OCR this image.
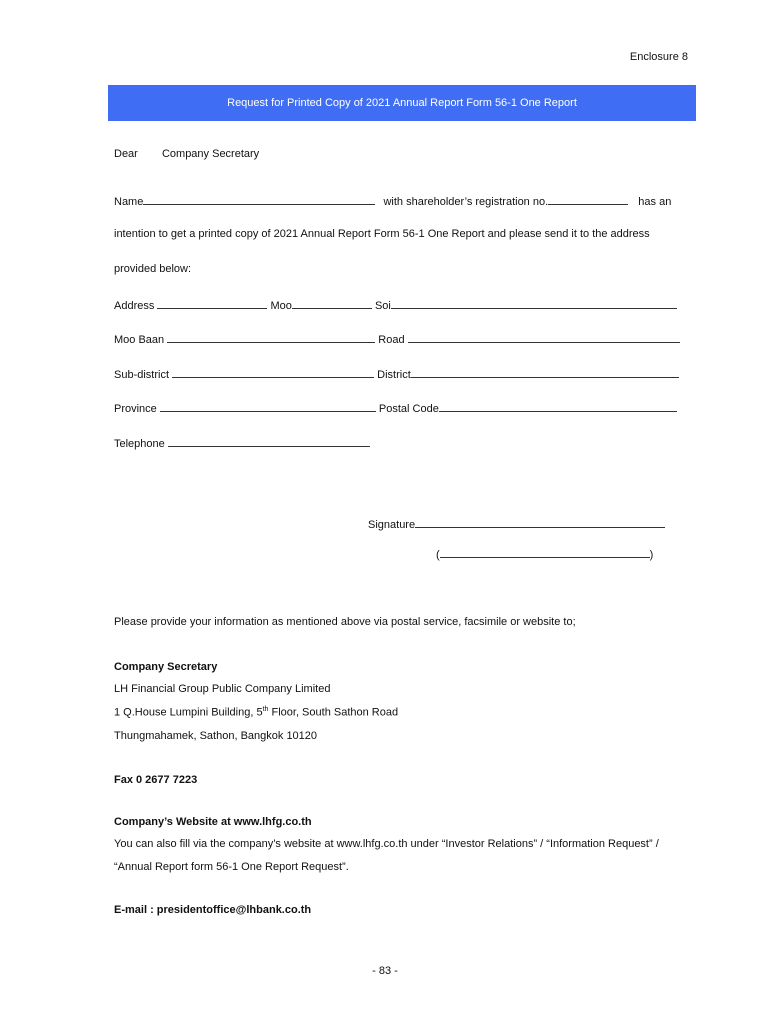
Enclosure 8
Request for Printed Copy of 2021 Annual Report Form 56-1 One Report
Dear Company Secretary
Name	with shareholder’s registration no.	has an
intention to get a printed copy of 2021 Annual Report Form 56-1 One Report and please send it to the address
provided below:
Address	Moo	Soi
Moo Baan	Road
Sub-district	District
Province	Postal Code
Telephone
Signature
(	)
Please provide your information as mentioned above via postal service, facsimile or website to;
Company Secretary
LH Financial Group Public Company Limited
1 Q.House Lumpini Building, 5th Floor, South Sathon Road
Thungmahamek, Sathon, Bangkok 10120
Fax 0 2677 7223
Company’s Website at www.lhfg.co.th
You can also fill via the company’s website at www.lhfg.co.th under “Investor Relations” / “Information Request” /
“Annual Report form 56-1 One Report Request”.
E-mail : presidentoffice@lhbank.co.th
- 83 -
